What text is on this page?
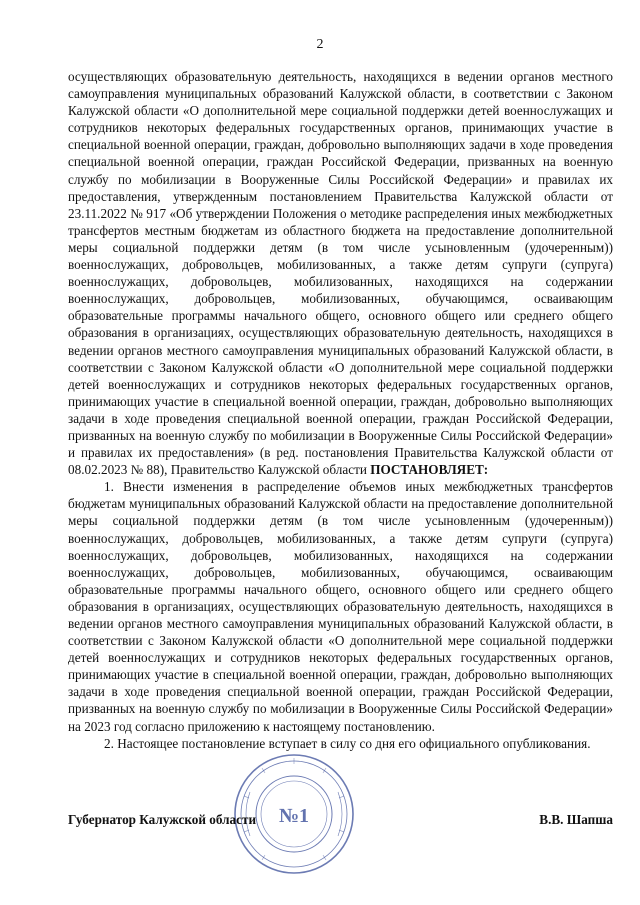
2

осуществляющих образовательную деятельность, находящихся в ведении органов местного самоуправления муниципальных образований Калужской области, в соответствии с Законом Калужской области «О дополнительной мере социальной поддержки детей военнослужащих и сотрудников некоторых федеральных государственных органов, принимающих участие в специальной военной операции, граждан, добровольно выполняющих задачи в ходе проведения специальной военной операции, граждан Российской Федерации, призванных на военную службу по мобилизации в Вооруженные Силы Российской Федерации» и правилах их предоставления, утвержденным постановлением Правительства Калужской области от 23.11.2022 № 917 «Об утверждении Положения о методике распределения иных межбюджетных трансфертов местным бюджетам из областного бюджета на предоставление дополнительной меры социальной поддержки детям (в том числе усыновленным (удочеренным)) военнослужащих, добровольцев, мобилизованных, а также детям супруги (супруга) военнослужащих, добровольцев, мобилизованных, находящихся на содержании военнослужащих, добровольцев, мобилизованных, обучающимся, осваивающим образовательные программы начального общего, основного общего или среднего общего образования в организациях, осуществляющих образовательную деятельность, находящихся в ведении органов местного самоуправления муниципальных образований Калужской области, в соответствии с Законом Калужской области «О дополнительной мере социальной поддержки детей военнослужащих и сотрудников некоторых федеральных государственных органов, принимающих участие в специальной военной операции, граждан, добровольно выполняющих задачи в ходе проведения специальной военной операции, граждан Российской Федерации, призванных на военную службу по мобилизации в Вооруженные Силы Российской Федерации» и правилах их предоставления» (в ред. постановления Правительства Калужской области от 08.02.2023 № 88), Правительство Калужской области ПОСТАНОВЛЯЕТ:

1. Внести изменения в распределение объемов иных межбюджетных трансфертов бюджетам муниципальных образований Калужской области на предоставление дополнительной меры социальной поддержки детям (в том числе усыновленным (удочеренным)) военнослужащих, добровольцев, мобилизованных, а также детям супруги (супруга) военнослужащих, добровольцев, мобилизованных, находящихся на содержании военнослужащих, добровольцев, мобилизованных, обучающимся, осваивающим образовательные программы начального общего, основного общего или среднего общего образования в организациях, осуществляющих образовательную деятельность, находящихся в ведении органов местного самоуправления муниципальных образований Калужской области, в соответствии с Законом Калужской области «О дополнительной мере социальной поддержки детей военнослужащих и сотрудников некоторых федеральных государственных органов, принимающих участие в специальной военной операции, граждан, добровольно выполняющих задачи в ходе проведения специальной военной операции, граждан Российской Федерации, призванных на военную службу по мобилизации в Вооруженные Силы Российской Федерации» на 2023 год согласно приложению к настоящему постановлению.

2. Настоящее постановление вступает в силу со дня его официального опубликования.

№1
Губернатор Калужской области	В.В. Шапша
